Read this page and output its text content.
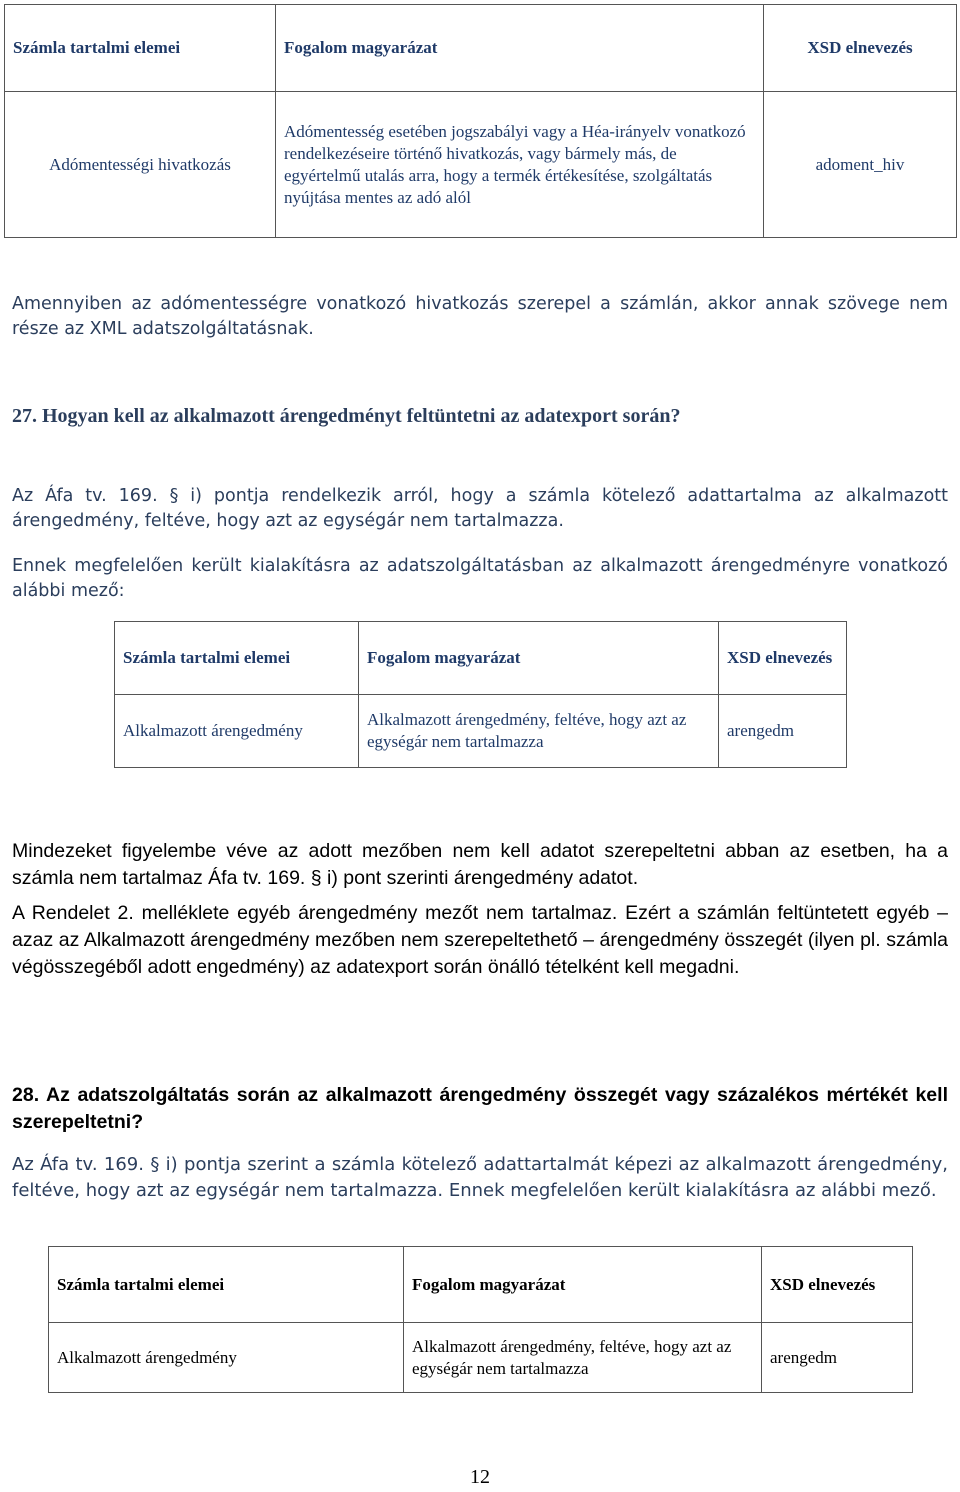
Számla tartalmi elemei	Fogalom magyarázat	XSD elnevezés
Adómentességi hivatkozás	Adómentesség esetében jogszabályi vagy a Héa-irányelv vonatkozó rendelkezéseire történő hivatkozás, vagy bármely más, de egyértelmű utalás arra, hogy a termék értékesítése, szolgáltatás nyújtása mentes az adó alól	adoment_hiv
Amennyiben az adómentességre vonatkozó hivatkozás szerepel a számlán, akkor annak szövege nem része az XML adatszolgáltatásnak.
27. Hogyan kell az alkalmazott árengedményt feltüntetni az adatexport során?
Az Áfa tv. 169. § i) pontja rendelkezik arról, hogy a számla kötelező adattartalma az alkalmazott árengedmény, feltéve, hogy azt az egységár nem tartalmazza.
Ennek megfelelően került kialakításra az adatszolgáltatásban az alkalmazott árengedményre vonatkozó alábbi mező:
Számla tartalmi elemei	Fogalom magyarázat	XSD elnevezés
Alkalmazott árengedmény	Alkalmazott árengedmény, feltéve, hogy azt az egységár nem tartalmazza	arengedm
Mindezeket figyelembe véve az adott mezőben nem kell adatot szerepeltetni abban az esetben, ha a számla nem tartalmaz Áfa tv. 169. § i) pont szerinti árengedmény adatot.
A Rendelet 2. melléklete egyéb árengedmény mezőt nem tartalmaz. Ezért a számlán feltüntetett egyéb – azaz az Alkalmazott árengedmény mezőben nem szerepeltethető – árengedmény összegét (ilyen pl. számla végösszegéből adott engedmény) az adatexport során önálló tételként kell megadni.
28. Az adatszolgáltatás során az alkalmazott árengedmény összegét vagy százalékos mértékét kell szerepeltetni?
Az Áfa tv. 169. § i) pontja szerint a számla kötelező adattartalmát képezi az alkalmazott árengedmény, feltéve, hogy azt az egységár nem tartalmazza. Ennek megfelelően került kialakításra az alábbi mező.
Számla tartalmi elemei	Fogalom magyarázat	XSD elnevezés
Alkalmazott árengedmény	Alkalmazott árengedmény, feltéve, hogy azt az egységár nem tartalmazza	arengedm
12
